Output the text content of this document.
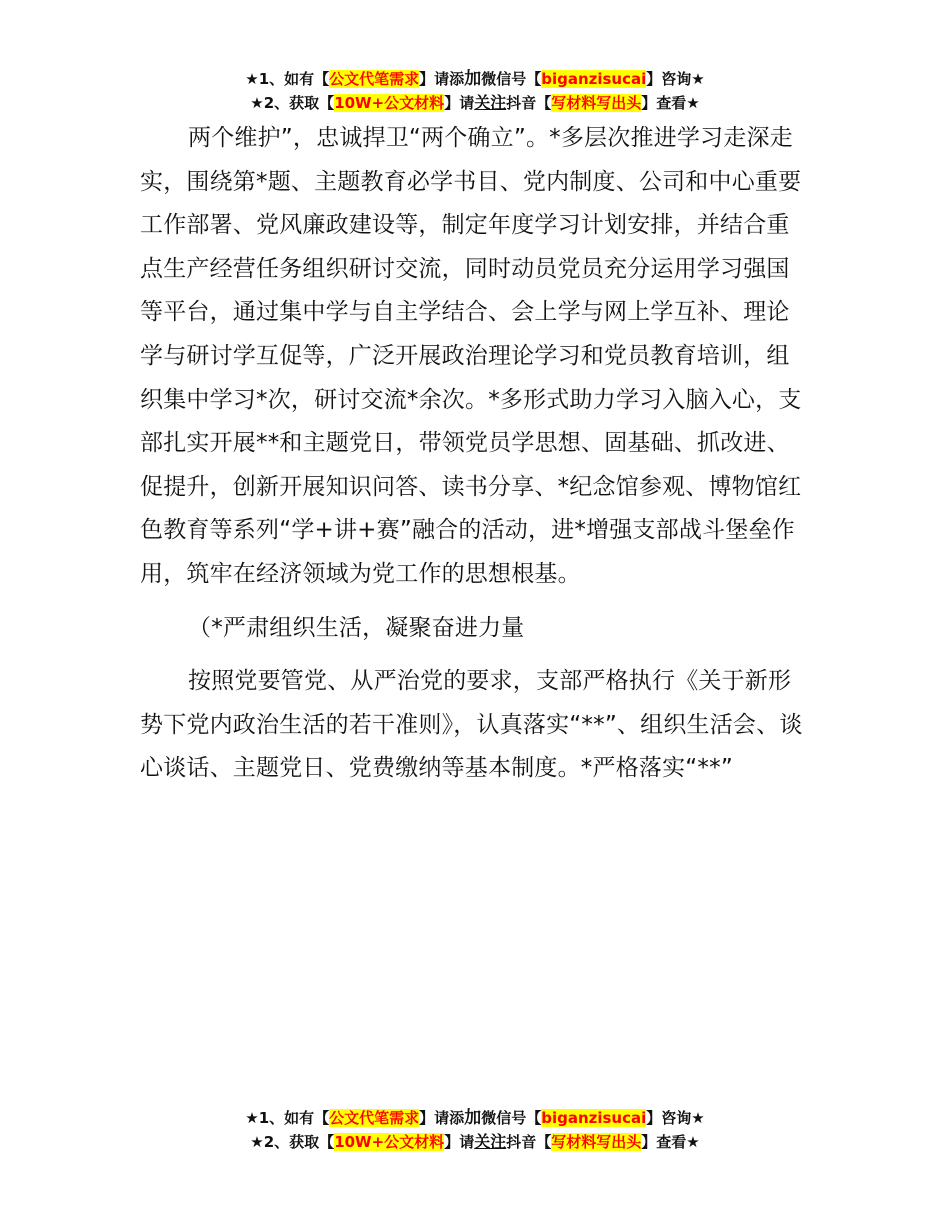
★1、如有【公文代笔需求】请添加微信号【biganzisucai】咨询★
★2、获取【10W+公文材料】请关注抖音【写材料写出头】查看★

两个维护”，忠诚捍卫“两个确立”。*多层次推进学习走深走实，围绕第*题、主题教育必学书目、党内制度、公司和中心重要工作部署、党风廉政建设等，制定年度学习计划安排，并结合重点生产经营任务组织研讨交流，同时动员党员充分运用学习强国等平台，通过集中学与自主学结合、会上学与网上学互补、理论学与研讨学互促等，广泛开展政治理论学习和党员教育培训，组织集中学习*次，研讨交流*余次。*多形式助力学习入脑入心，支部扎实开展**和主题党日，带领党员学思想、固基础、抓改进、促提升，创新开展知识问答、读书分享、*纪念馆参观、博物馆红色教育等系列“学+讲+赛”融合的活动，进*增强支部战斗堡垒作用，筑牢在经济领域为党工作的思想根基。

（*严肃组织生活，凝聚奋进力量

按照党要管党、从严治党的要求，支部严格执行《关于新形势下党内政治生活的若干准则》，认真落实“**”、组织生活会、谈心谈话、主题党日、党费缴纳等基本制度。*严格落实“**”

★1、如有【公文代笔需求】请添加微信号【biganzisucai】咨询★
★2、获取【10W+公文材料】请关注抖音【写材料写出头】查看★
